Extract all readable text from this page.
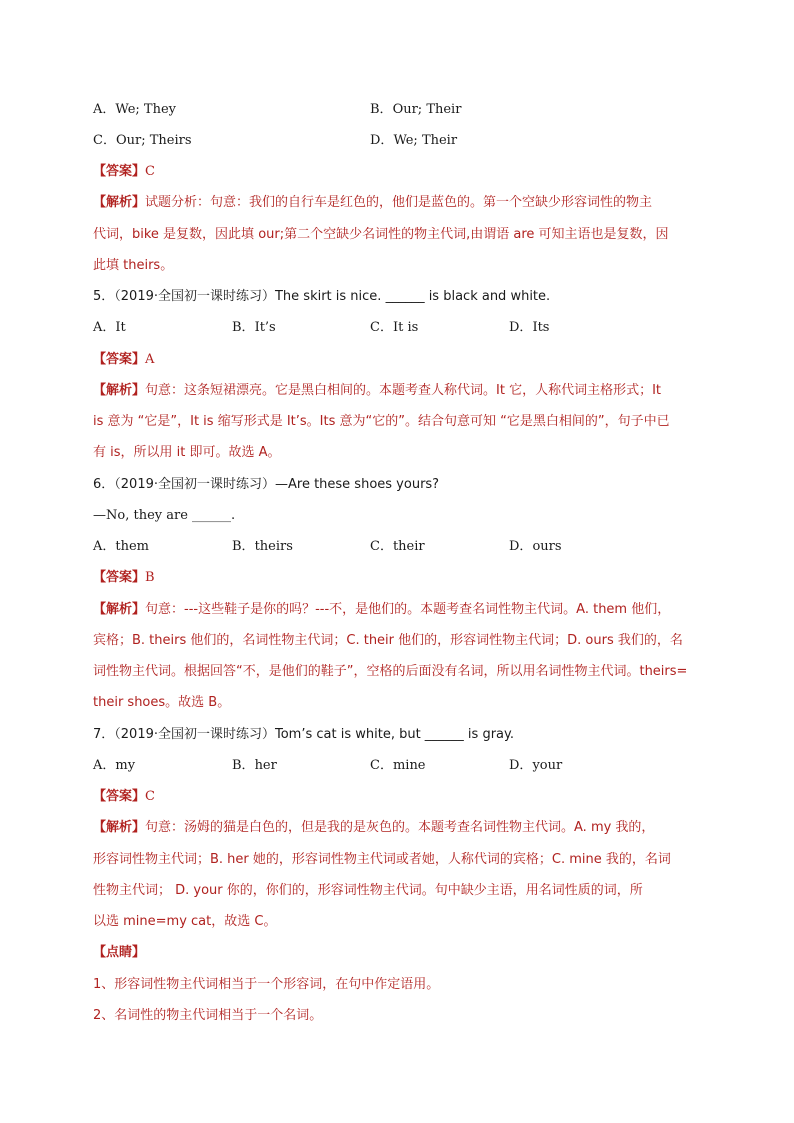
A．We; They	B．Our; Their
C．Our; Theirs	D．We; Their
【答案】C
【解析】试题分析：句意：我们的自行车是红色的，他们是蓝色的。第一个空缺少形容词性的物主
代词，bike 是复数，因此填 our;第二个空缺少名词性的物主代词,由谓语 are 可知主语也是复数，因
此填 theirs。
5．（2019·全国初一课时练习）The skirt is nice. ______ is black and white.
A．It	B．It’s	C．It is	D．Its
【答案】A
【解析】句意：这条短裙漂亮。它是黑白相间的。本题考查人称代词。It 它，人称代词主格形式；It
is 意为 “它是”，It is 缩写形式是 It’s。Its 意为“它的”。结合句意可知 “它是黑白相间的”，句子中已
有 is，所以用 it 即可。故选 A。
6．（2019·全国初一课时练习）—Are these shoes yours?
—No, they are ______.
A．them	B．theirs	C．their	D．ours
【答案】B
【解析】句意：---这些鞋子是你的吗？---不，是他们的。本题考查名词性物主代词。A. them 他们，
宾格；B. theirs 他们的，名词性物主代词；C. their 他们的，形容词性物主代词；D. ours 我们的，名
词性物主代词。根据回答“不，是他们的鞋子”，空格的后面没有名词，所以用名词性物主代词。theirs=
their shoes。故选 B。
7．（2019·全国初一课时练习）Tom’s cat is white, but ______ is gray.
A．my	B．her	C．mine	D．your
【答案】C
【解析】句意：汤姆的猫是白色的，但是我的是灰色的。本题考查名词性物主代词。A. my 我的，
形容词性物主代词；B. her 她的，形容词性物主代词或者她，人称代词的宾格；C. mine 我的，名词
性物主代词； D. your 你的，你们的，形容词性物主代词。句中缺少主语，用名词性质的词，所
以选 mine=my cat，故选 C。
【点睛】
1、形容词性物主代词相当于一个形容词，在句中作定语用。
2、名词性的物主代词相当于一个名词。
